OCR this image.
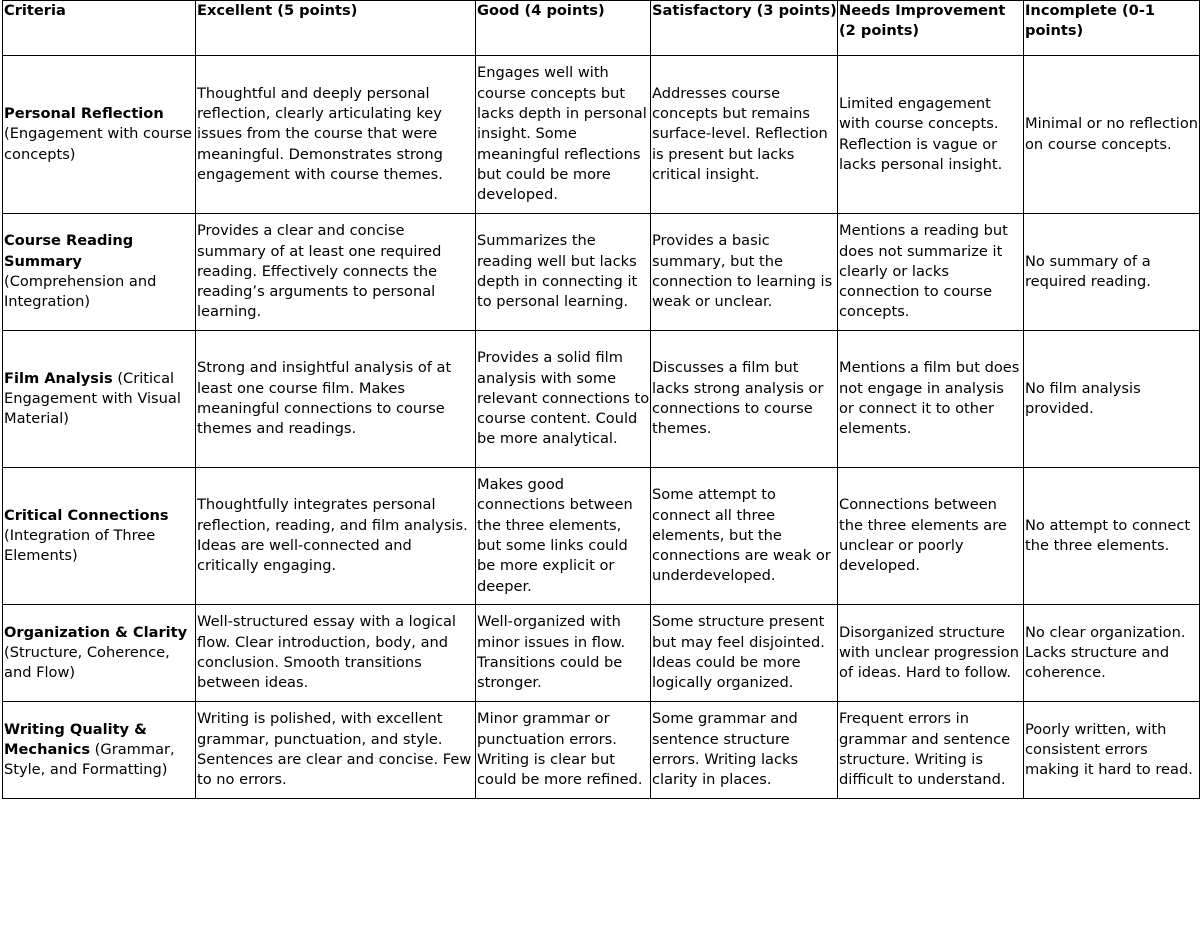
Criteria	Excellent (5 points)	Good (4 points)	Satisfactory (3 points)	Needs Improvement (2 points)	Incomplete (0-1 points)
Personal Reflection (Engagement with course concepts)	Thoughtful and deeply personal reflection, clearly articulating key issues from the course that were meaningful. Demonstrates strong engagement with course themes.	Engages well with course concepts but lacks depth in personal insight. Some meaningful reflections but could be more developed.	Addresses course concepts but remains surface-level. Reflection is present but lacks critical insight.	Limited engagement with course concepts. Reflection is vague or lacks personal insight.	Minimal or no reflection on course concepts.
Course Reading Summary (Comprehension and Integration)	Provides a clear and concise summary of at least one required reading. Effectively connects the reading’s arguments to personal learning.	Summarizes the reading well but lacks depth in connecting it to personal learning.	Provides a basic summary, but the connection to learning is weak or unclear.	Mentions a reading but does not summarize it clearly or lacks connection to course concepts.	No summary of a required reading.
Film Analysis (Critical Engagement with Visual Material)	Strong and insightful analysis of at least one course film. Makes meaningful connections to course themes and readings.	Provides a solid film analysis with some relevant connections to course content. Could be more analytical.	Discusses a film but lacks strong analysis or connections to course themes.	Mentions a film but does not engage in analysis or connect it to other elements.	No film analysis provided.
Critical Connections (Integration of Three Elements)	Thoughtfully integrates personal reflection, reading, and film analysis. Ideas are well-connected and critically engaging.	Makes good connections between the three elements, but some links could be more explicit or deeper.	Some attempt to connect all three elements, but the connections are weak or underdeveloped.	Connections between the three elements are unclear or poorly developed.	No attempt to connect the three elements.
Organization & Clarity (Structure, Coherence, and Flow)	Well-structured essay with a logical flow. Clear introduction, body, and conclusion. Smooth transitions between ideas.	Well-organized with minor issues in flow. Transitions could be stronger.	Some structure present but may feel disjointed. Ideas could be more logically organized.	Disorganized structure with unclear progression of ideas. Hard to follow.	No clear organization. Lacks structure and coherence.
Writing Quality & Mechanics (Grammar, Style, and Formatting)	Writing is polished, with excellent grammar, punctuation, and style. Sentences are clear and concise. Few to no errors.	Minor grammar or punctuation errors. Writing is clear but could be more refined.	Some grammar and sentence structure errors. Writing lacks clarity in places.	Frequent errors in grammar and sentence structure. Writing is difficult to understand.	Poorly written, with consistent errors making it hard to read.
